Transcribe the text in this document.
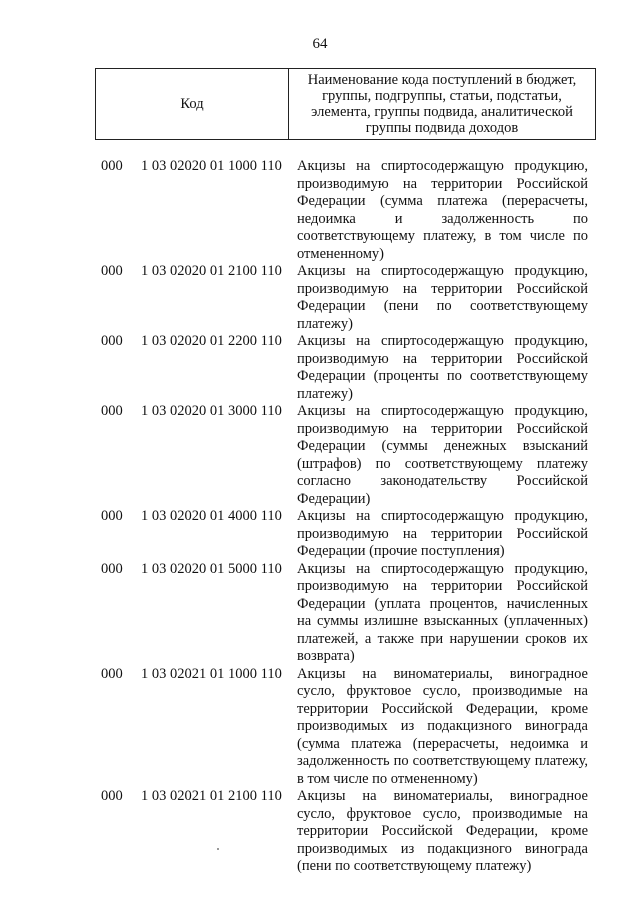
64
Код
Наименование кода поступлений в бюджет, группы, подгруппы, статьи, подстатьи, элемента, группы подвида, аналитической группы подвида доходов
000 1 03 02020 01 1000 110 Акцизы на спиртосодержащую продукцию, производимую на территории Российской Федерации (сумма платежа (перерасчеты, недоимка и задолженность по соответствующему платежу, в том числе по отмененному)
000 1 03 02020 01 2100 110 Акцизы на спиртосодержащую продукцию, производимую на территории Российской Федерации (пени по соответствующему платежу)
000 1 03 02020 01 2200 110 Акцизы на спиртосодержащую продукцию, производимую на территории Российской Федерации (проценты по соответствующему платежу)
000 1 03 02020 01 3000 110 Акцизы на спиртосодержащую продукцию, производимую на территории Российской Федерации (суммы денежных взысканий (штрафов) по соответствующему платежу согласно законодательству Российской Федерации)
000 1 03 02020 01 4000 110 Акцизы на спиртосодержащую продукцию, производимую на территории Российской Федерации (прочие поступления)
000 1 03 02020 01 5000 110 Акцизы на спиртосодержащую продукцию, производимую на территории Российской Федерации (уплата процентов, начисленных на суммы излишне взысканных (уплаченных) платежей, а также при нарушении сроков их возврата)
000 1 03 02021 01 1000 110 Акцизы на виноматериалы, виноградное сусло, фруктовое сусло, производимые на территории Российской Федерации, кроме производимых из подакцизного винограда (сумма платежа (перерасчеты, недоимка и задолженность по соответствующему платежу, в том числе по отмененному)
000 1 03 02021 01 2100 110 Акцизы на виноматериалы, виноградное сусло, фруктовое сусло, производимые на территории Российской Федерации, кроме производимых из подакцизного винограда (пени по соответствующему платежу)
